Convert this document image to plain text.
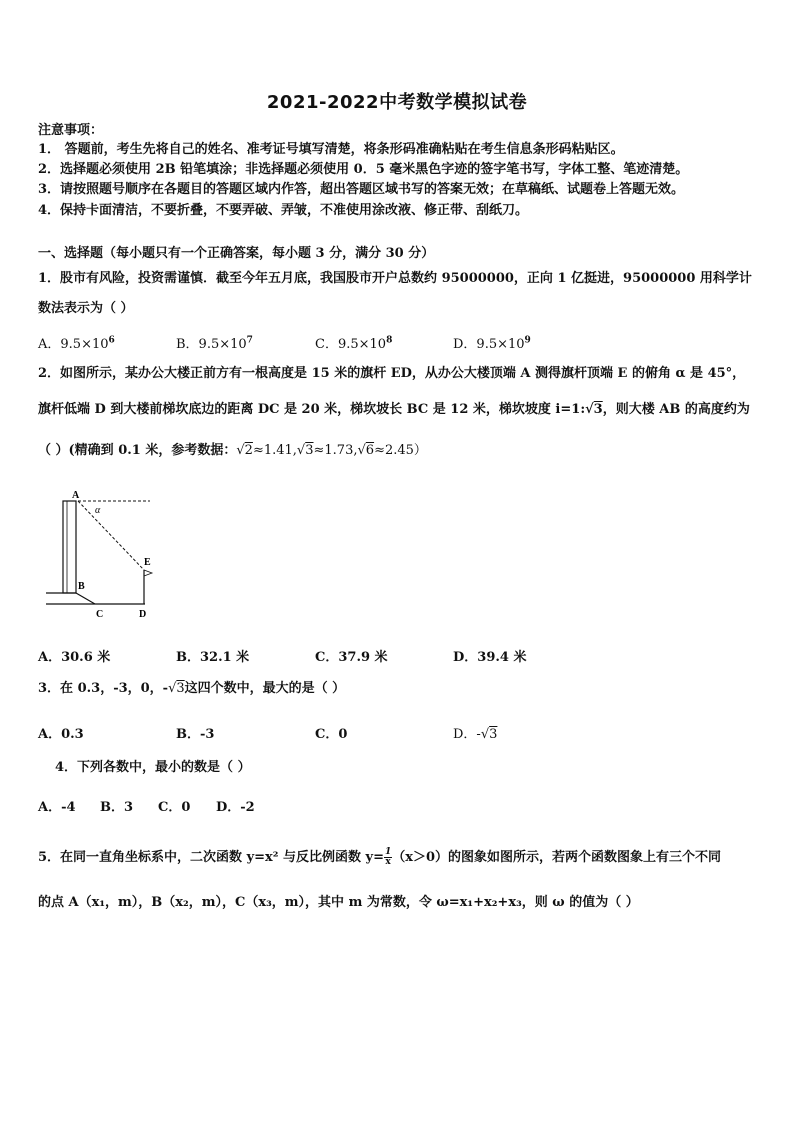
2021-2022中考数学模拟试卷
注意事项：
1． 答题前，考生先将自己的姓名、准考证号填写清楚，将条形码准确粘贴在考生信息条形码粘贴区。
2．选择题必须使用 2B 铅笔填涂；非选择题必须使用 0．5 毫米黑色字迹的签字笔书写，字体工整、笔迹清楚。
3．请按照题号顺序在各题目的答题区域内作答，超出答题区域书写的答案无效；在草稿纸、试题卷上答题无效。
4．保持卡面清洁，不要折叠，不要弄破、弄皱，不准使用涂改液、修正带、刮纸刀。
一、选择题（每小题只有一个正确答案，每小题 3 分，满分 30 分）
1．股市有风险，投资需谨慎．截至今年五月底，我国股市开户总数约 95000000，正向 1 亿挺进，95000000 用科学计
数法表示为（ ）
A．$9.5\times 10^6$	B．$9.5\times 10^7$	C．$9.5\times 10^8$	D．$9.5\times 10^9$
2．如图所示，某办公大楼正前方有一根高度是 15 米的旗杆 ED，从办公大楼顶端 A 测得旗杆顶端 E 的俯角 α 是 45°，
旗杆低端 D 到大楼前梯坎底边的距离 DC 是 20 米，梯坎坡长 BC 是 12 米，梯坎坡度 i=1:√3，则大楼 AB 的高度约为
（ ）(精确到 0.1 米，参考数据：√2≈1.41,√3≈1.73,√6≈2.45）
A
B
C	D
E
α
A．30.6 米	B．32.1 米	C．37.9 米	D．39.4 米
3．在 0.3，-3，0，-√3这四个数中，最大的是（ ）
A．0.3	B．-3	C．0	D．-√3
4．下列各数中，最小的数是（ ）
A．-4 B．3 C．0 D．-2
5．在同一直角坐标系中，二次函数 y=x² 与反比例函数 $y= \frac{1}{x} (x>0)$的图象如图所示，若两个函数图象上有三个不同
的点 A（x₁，m），B（x₂，m），C（x₃，m），其中 m 为常数，令 ω=x₁+x₂+x₃，则 ω 的值为（ ）
